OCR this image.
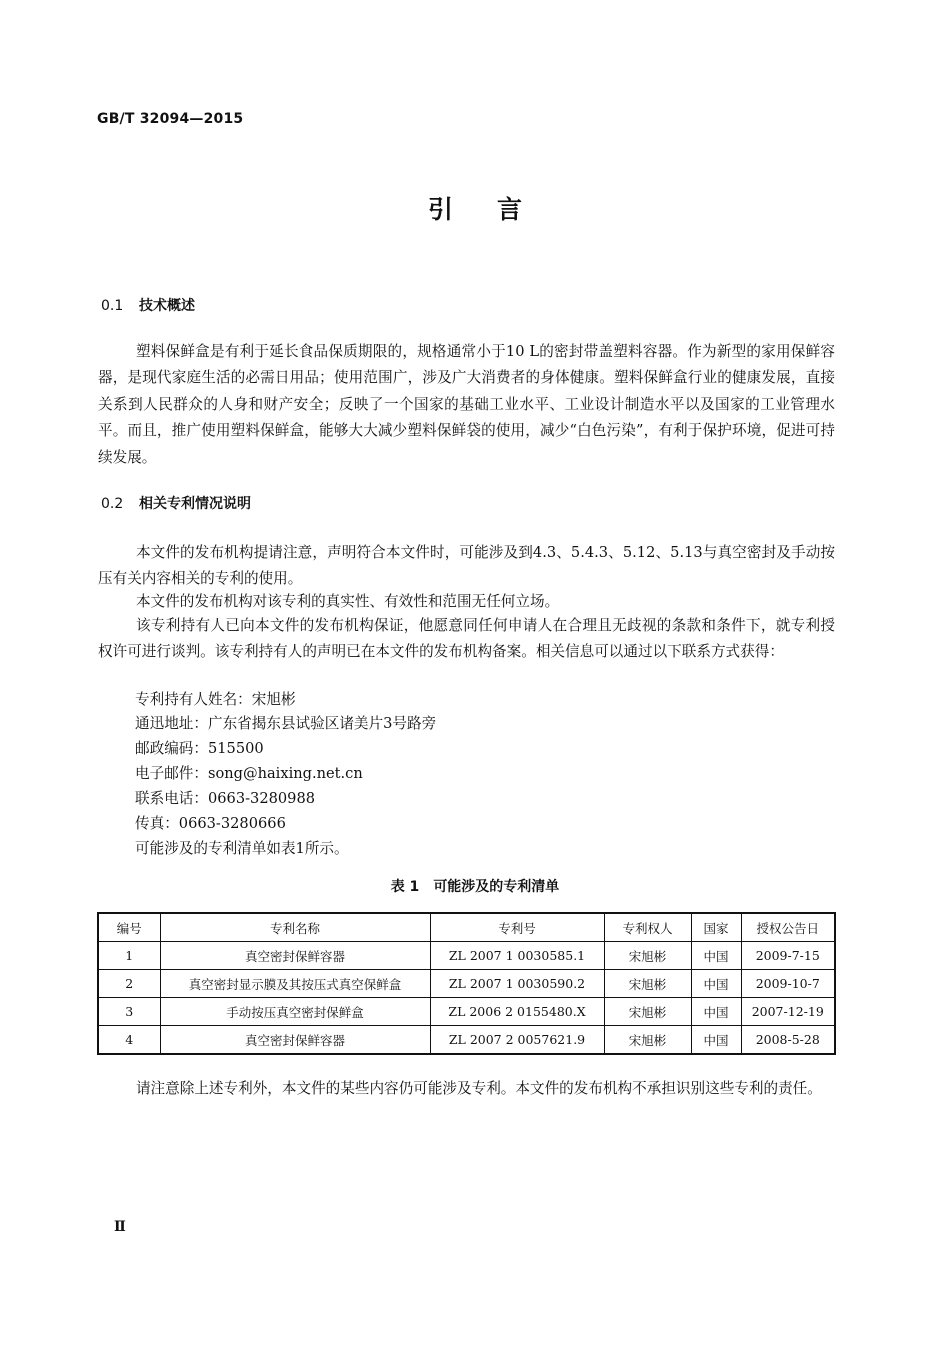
GB/T 32094—2015
引 言
0.1 技术概述
塑料保鲜盒是有利于延长食品保质期限的，规格通常小于10 L的密封带盖塑料容器。作为新型的家用保鲜容器，是现代家庭生活的必需日用品；使用范围广，涉及广大消费者的身体健康。塑料保鲜盒行业的健康发展，直接关系到人民群众的人身和财产安全；反映了一个国家的基础工业水平、工业设计制造水平以及国家的工业管理水平。而且，推广使用塑料保鲜盒，能够大大减少塑料保鲜袋的使用，减少“白色污染”，有利于保护环境，促进可持续发展。
0.2 相关专利情况说明
本文件的发布机构提请注意，声明符合本文件时，可能涉及到4.3、5.4.3、5.12、5.13与真空密封及手动按压有关内容相关的专利的使用。
本文件的发布机构对该专利的真实性、有效性和范围无任何立场。
该专利持有人已向本文件的发布机构保证，他愿意同任何申请人在合理且无歧视的条款和条件下，就专利授权许可进行谈判。该专利持有人的声明已在本文件的发布机构备案。相关信息可以通过以下联系方式获得：
专利持有人姓名：宋旭彬
通迅地址：广东省揭东县试验区诸美片3号路旁
邮政编码：515500
电子邮件：song@haixing.net.cn
联系电话：0663-3280988
传真：0663-3280666
可能涉及的专利清单如表1所示。
表 1 可能涉及的专利清单
编号	专利名称	专利号	专利权人	国家	授权公告日
1	真空密封保鲜容器	ZL 2007 1 0030585.1	宋旭彬	中国	2009-7-15
2	真空密封显示膜及其按压式真空保鲜盒	ZL 2007 1 0030590.2	宋旭彬	中国	2009-10-7
3	手动按压真空密封保鲜盒	ZL 2006 2 0155480.X	宋旭彬	中国	2007-12-19
4	真空密封保鲜容器	ZL 2007 2 0057621.9	宋旭彬	中国	2008-5-28
请注意除上述专利外，本文件的某些内容仍可能涉及专利。本文件的发布机构不承担识别这些专利的责任。
Ⅱ
